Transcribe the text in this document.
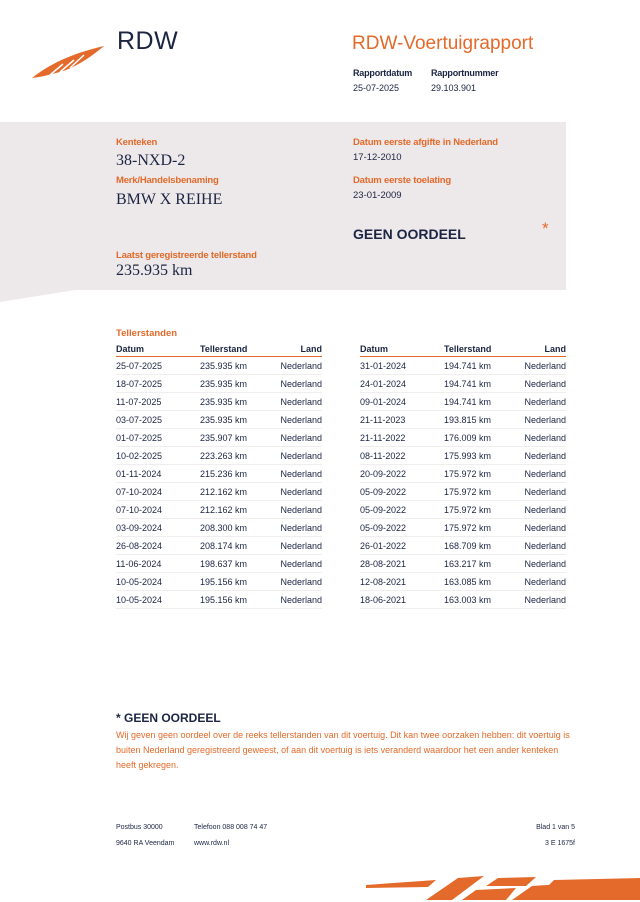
RDW	RDW-Voertuigrapport
Rapportdatum
25-07-2025
Rapportnummer
29.103.901
Kenteken
38-NXD-2
Merk/Handelsbenaming
BMW X REIHE
Datum eerste afgifte in Nederland
17-12-2010
Datum eerste toelating
23-01-2009
GEEN OORDEEL	*
Laatst geregistreerde tellerstand
235.935 km
Tellerstanden
Datum	Tellerstand	Land
25-07-2025	235.935 km	Nederland
18-07-2025	235.935 km	Nederland
11-07-2025	235.935 km	Nederland
03-07-2025	235.935 km	Nederland
01-07-2025	235.907 km	Nederland
10-02-2025	223.263 km	Nederland
01-11-2024	215.236 km	Nederland
07-10-2024	212.162 km	Nederland
07-10-2024	212.162 km	Nederland
03-09-2024	208.300 km	Nederland
26-08-2024	208.174 km	Nederland
11-06-2024	198.637 km	Nederland
10-05-2024	195.156 km	Nederland
10-05-2024	195.156 km	Nederland
Datum	Tellerstand	Land
31-01-2024	194.741 km	Nederland
24-01-2024	194.741 km	Nederland
09-01-2024	194.741 km	Nederland
21-11-2023	193.815 km	Nederland
21-11-2022	176.009 km	Nederland
08-11-2022	175.993 km	Nederland
20-09-2022	175.972 km	Nederland
05-09-2022	175.972 km	Nederland
05-09-2022	175.972 km	Nederland
05-09-2022	175.972 km	Nederland
26-01-2022	168.709 km	Nederland
28-08-2021	163.217 km	Nederland
12-08-2021	163.085 km	Nederland
18-06-2021	163.003 km	Nederland
* GEEN OORDEEL
Wij geven geen oordeel over de reeks tellerstanden van dit voertuig. Dit kan twee oorzaken hebben: dit voertuig is buiten Nederland geregistreerd geweest, of aan dit voertuig is iets veranderd waardoor het een ander kenteken heeft gekregen.
Postbus 30000
9640 RA Veendam
Telefoon 088 008 74 47
www.rdw.nl
Blad 1 van 5
3 E 1675f
